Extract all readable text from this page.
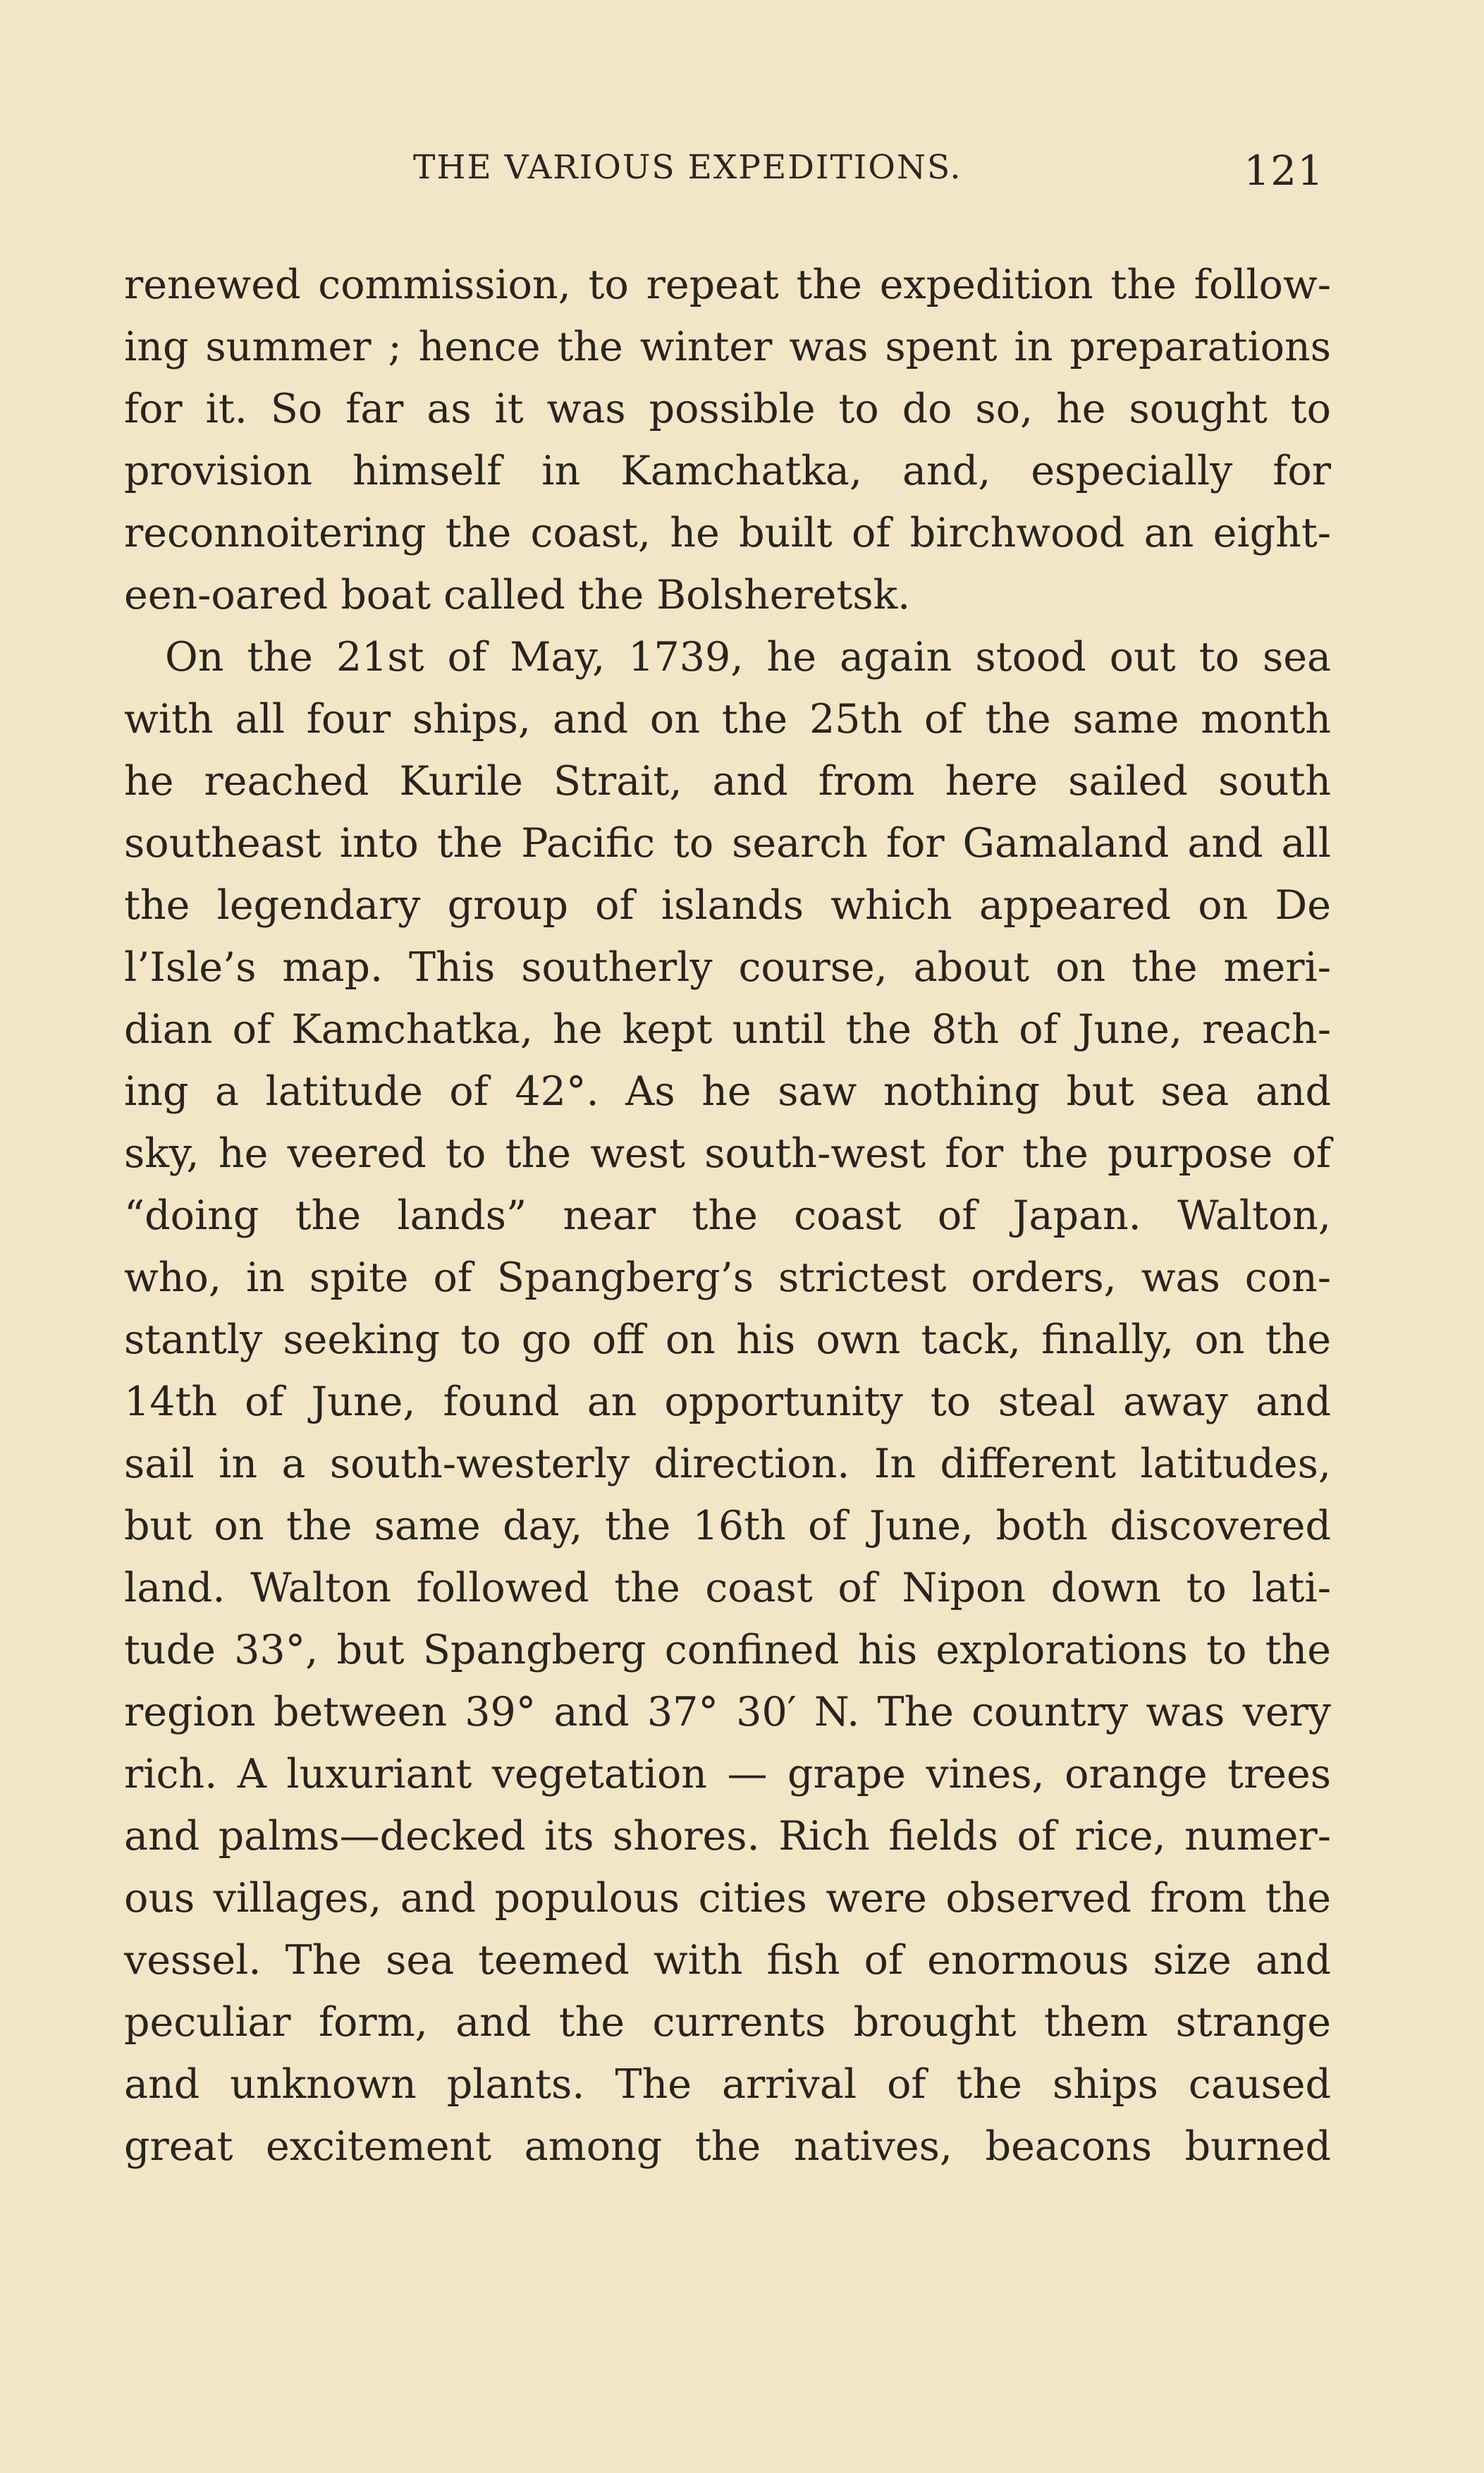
THE VARIOUS EXPEDITIONS.	121
renewed commission, to repeat the expedition the follow-
ing summer ; hence the winter was spent in preparations
for it. So far as it was possible to do so, he sought to
provision himself in Kamchatka, and, especially for
reconnoitering the coast, he built of birchwood an eight-
een-oared boat called the Bolsheretsk.
On the 21st of May, 1739, he again stood out to sea
with all four ships, and on the 25th of the same month
he reached Kurile Strait, and from here sailed south
southeast into the Pacific to search for Gamaland and all
the legendary group of islands which appeared on De
l’Isle’s map. This southerly course, about on the meri-
dian of Kamchatka, he kept until the 8th of June, reach-
ing a latitude of 42°. As he saw nothing but sea and
sky, he veered to the west south-west for the purpose of
“doing the lands” near the coast of Japan. Walton,
who, in spite of Spangberg’s strictest orders, was con-
stantly seeking to go off on his own tack, finally, on the
14th of June, found an opportunity to steal away and
sail in a south-westerly direction. In different latitudes,
but on the same day, the 16th of June, both discovered
land. Walton followed the coast of Nipon down to lati-
tude 33°, but Spangberg confined his explorations to the
region between 39° and 37° 30′ N. The country was very
rich. A luxuriant vegetation — grape vines, orange trees
and palms—decked its shores. Rich fields of rice, numer-
ous villages, and populous cities were observed from the
vessel. The sea teemed with fish of enormous size and
peculiar form, and the currents brought them strange
and unknown plants. The arrival of the ships caused
great excitement among the natives, beacons burned
